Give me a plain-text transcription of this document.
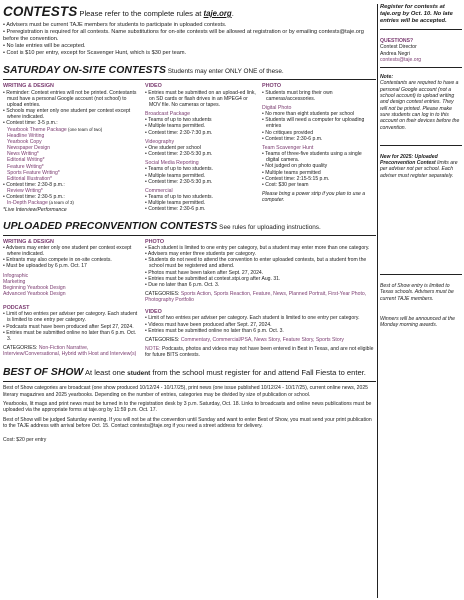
CONTESTS Please refer to the complete rules at taje.org.

• Advisers must be current TAJE members for students to participate in uploaded contests.

• Preregistration is required for all contests. Name substitutions for on-site contests will be allowed at registration or by emailing contests@taje.org before the convention.

• No late entries will be accepted.

• Cost is $10 per entry, except for Scavenger Hunt, which is $30 per team.

SATURDAY ON-SITE CONTESTS Students may enter ONLY ONE of these.
WRITING & DESIGN

• Reminder: Contest entries will not be printed. Contestants must have a personal Google account (not school) to upload entries.

• Schools may enter only one student per contest except where indicated.

• Contest time: 3-5 p.m.:

Yearbook Theme Package (one team of two)

Headline Writing
Yearbook Copy
Newspaper Design
News Writing*
Editorial Writing*
Feature Writing*
Sports Feature Writing*
Editorial Illustration*

• Contest time: 2:30-8 p.m.:

Review Writing*

• Contest time: 2:30-5 p.m.:

In-Depth Package (a team of 3)

*Live Interview/Performance

VIDEO

• Entries must be submitted on an upload-ed link, on SD cards or flash drives in an MPEG4 or MOV file. No cameras or tapes.

Broadcast Package

• Teams of up to two students

• Multiple teams permitted.

• Contest time: 2:30-7:30 p.m.

Videography

• One student per school

• Contest time: 2:30-5:30 p.m.

Social Media Reporting

• Teams of up to two students.

• Multiple teams permitted.

• Contest time: 2:30-5:30 p.m.

Commercial

• Teams of up to two students.

• Multiple teams permitted.

• Contest time: 2:30-6 p.m.

PHOTO

• Students must bring their own cameras/accessories.

Digital Photo

• No more than eight students per school

• Students will need a computer for uploading entries

• No critiques provided

• Contest time: 2:30-6 p.m.

Team Scavenger Hunt

• Teams of three-five students using a single digital camera.

• Not judged on photo quality

• Multiple teams permitted

• Contest time: 2:15-5:15 p.m.

• Cost: $30 per team

Please bring a power strip if you plan to use a computer.

UPLOADED PRECONVENTION CONTESTS See rules for uploading instructions.
WRITING & DESIGN

• Advisers may enter only one student per contest except where indicated.

• Entrants may also compete in on-site contests.

• Must be uploaded by 6 p.m. Oct. 17

Infographic
Marketing
Beginning Yearbook Design
Advanced Yearbook Design
PODCAST

• Limit of two entries per adviser per category. Each student is limited to one entry per category.

• Podcasts must have been produced after Sept 27, 2024.

• Entries must be submitted online no later than 6 p.m. Oct. 3.

CATEGORIES: Non-Fiction Narrative, Interview/Conversational, Hybrid with Host and Interview(s)

PHOTO

• Each student is limited to one entry per category, but a student may enter more than one category.

• Advisers may enter three students per category.

• Students do not need to attend the convention to enter uploaded contests, but a student from the school must be registered and attend.

• Photos must have been taken after Sept. 27, 2024.

• Entries must be submitted at contest.stpi.org after Aug. 31.

• Due no later than 6 p.m. Oct. 3.

CATEGORIES: Sports Action, Sports Reaction, Feature, News, Planned Portrait, First-Year Photo, Photography Portfolio

VIDEO

• Limit of two entries per adviser per category. Each student is limited to one entry per category.

• Videos must have been produced after Sept. 27, 2024.

• Entries must be submitted online no later than 6 p.m. Oct. 3.

CATEGORIES: Commentary, Commercial/PSA, News Story, Feature Story, Sports Story

NOTE: Podcasts, photos and videos may not have been entered in Best in Texas, and are not eligible for future BITS contests.

BEST OF SHOW At least one student from the school must register for and attend Fall Fiesta to enter.

Best of Show categories are broadcast (one show produced 10/12/24 - 10/17/25), print news (one issue published 10/12/24 - 10/17/25), current online news, 2025 literary magazines and 2025 yearbooks. Depending on the number of entries, categories may be divided by size of publication or school.

Yearbooks, lit mags and print news must be turned in to the registration desk by 3 p.m. Saturday, Oct. 18. Links to broadcasts and online news publications must be uploaded via the appropriate forms at taje.org by 11:59 p.m. Oct. 17.

Best of Show will be judged Saturday evening. If you will not be at the convention until Sunday and want to enter Best of Show, you must send your print publication to the TAJE address with arrival before Oct. 15. Contact contests@taje.org if you need a street address for delivery.

Cost: $20 per entry

Register for contests at taje.org by Oct. 10. No late entries will be accepted.

QUESTIONS?

Contest Director

Andrea Negri

contests@taje.org

Note:

Contestants are required to have a personal Google account (not a school account) to upload writing and design contest entries. They will not be printed. Please make sure students can log in to this account on their devices before the convention.

New for 2025: Uploaded Preconvention Contest limits are per adviser not per school. Each adviser must register separately.

Best of Show entry is limited to Texas schools. Advisers must be current TAJE members.

Winners will be announced at the Monday morning awards.
